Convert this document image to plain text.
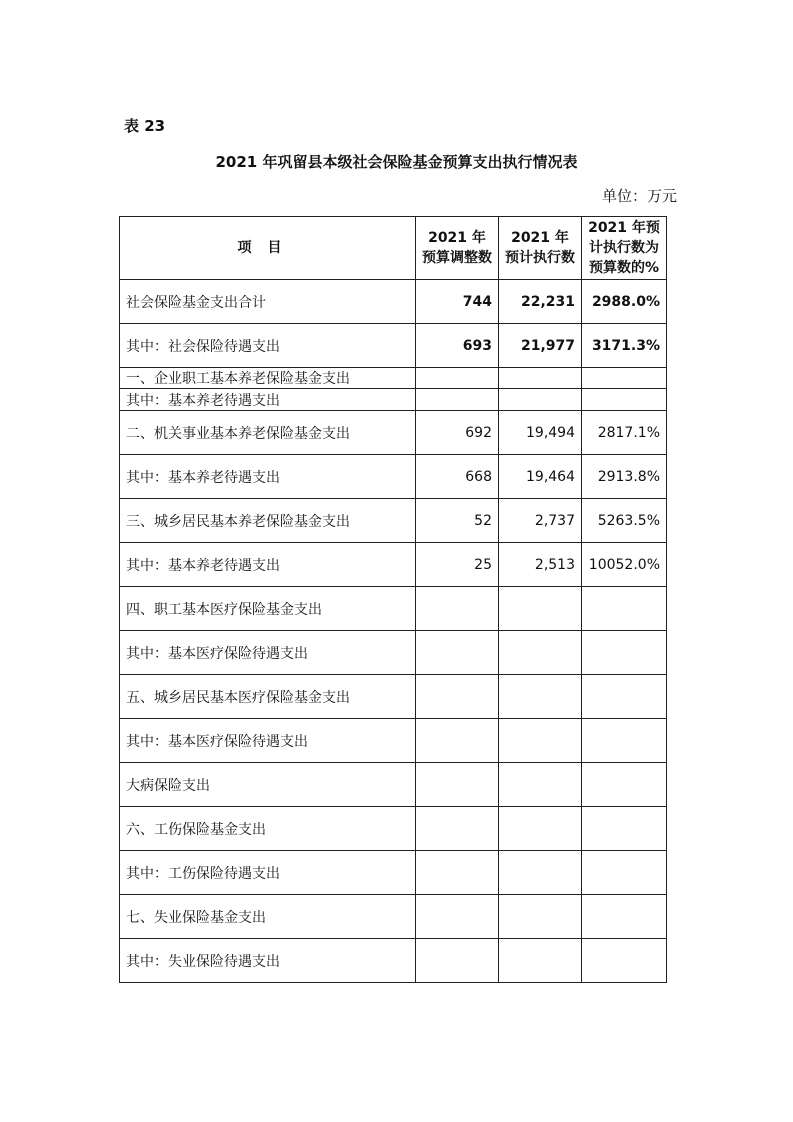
表 23
2021 年巩留县本级社会保险基金预算支出执行情况表
单位：万元
项目	2021 年预算调整数	2021 年预计执行数	2021 年预计执行数为预算数的%
社会保险基金支出合计	744	22,231	2988.0%
其中：社会保险待遇支出	693	21,977	3171.3%
一、企业职工基本养老保险基金支出			
其中：基本养老待遇支出			
二、机关事业基本养老保险基金支出	692	19,494	2817.1%
其中：基本养老待遇支出	668	19,464	2913.8%
三、城乡居民基本养老保险基金支出	52	2,737	5263.5%
其中：基本养老待遇支出	25	2,513	10052.0%
四、职工基本医疗保险基金支出			
其中：基本医疗保险待遇支出			
五、城乡居民基本医疗保险基金支出			
其中：基本医疗保险待遇支出			
大病保险支出			
六、工伤保险基金支出			
其中：工伤保险待遇支出			
七、失业保险基金支出			
其中：失业保险待遇支出			
